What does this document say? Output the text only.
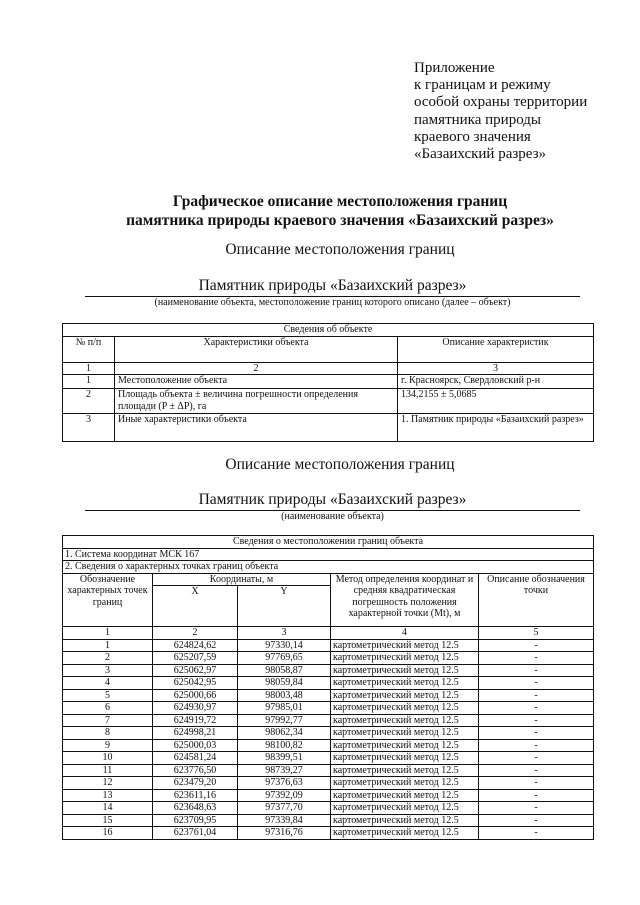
Приложение
к границам и режиму
особой охраны территории
памятника природы
краевого значения
«Базаихский разрез»
Графическое описание местоположения границ
памятника природы краевого значения «Базаихский разрез»
Описание местоположения границ
Памятник природы «Базаихский разрез»
(наименование объекта, местоположение границ которого описано (далее – объект)
Сведения об объекте		
№ п/п	Характеристики объекта	Описание характеристик
1	2	3
1	Местоположение объекта	г. Красноярск, Свердловский р-н
2	Площадь объекта ± величина погрешности определения площади (P ± ΔP), га	134,2155 ± 5,0685
3	Иные характеристики объекта	1. Памятник природы «Базаихский разрез»
Описание местоположения границ
Памятник природы «Базаихский разрез»
(наименование объекта)
Сведения о местоположении границ объекта				
1. Система координат МСК 167				
2. Сведения о характерных точках границ объекта				
Обозначение характерных точек границ	Координаты, м		Метод определения координат и средняя квадратическая погрешность положения характерной точки (Mt), м	Описание обозначения точки
	X	Y		
1	2	3	4	5
1	624824,62	97330,14	картометрический метод 12.5	-
2	625207,59	97769,65	картометрический метод 12.5	-
3	625062,97	98058,87	картометрический метод 12.5	-
4	625042,95	98059,84	картометрический метод 12.5	-
5	625000,66	98003,48	картометрический метод 12.5	-
6	624930,97	97985,01	картометрический метод 12.5	-
7	624919,72	97992,77	картометрический метод 12.5	-
8	624998,21	98062,34	картометрический метод 12.5	-
9	625000,03	98100,82	картометрический метод 12.5	-
10	624581,24	98399,51	картометрический метод 12.5	-
11	623776,50	98739,27	картометрический метод 12.5	-
12	623479,20	97376,63	картометрический метод 12.5	-
13	623611,16	97392,09	картометрический метод 12.5	-
14	623648,63	97377,70	картометрический метод 12.5	-
15	623709,95	97339,84	картометрический метод 12.5	-
16	623761,04	97316,76	картометрический метод 12.5	-
